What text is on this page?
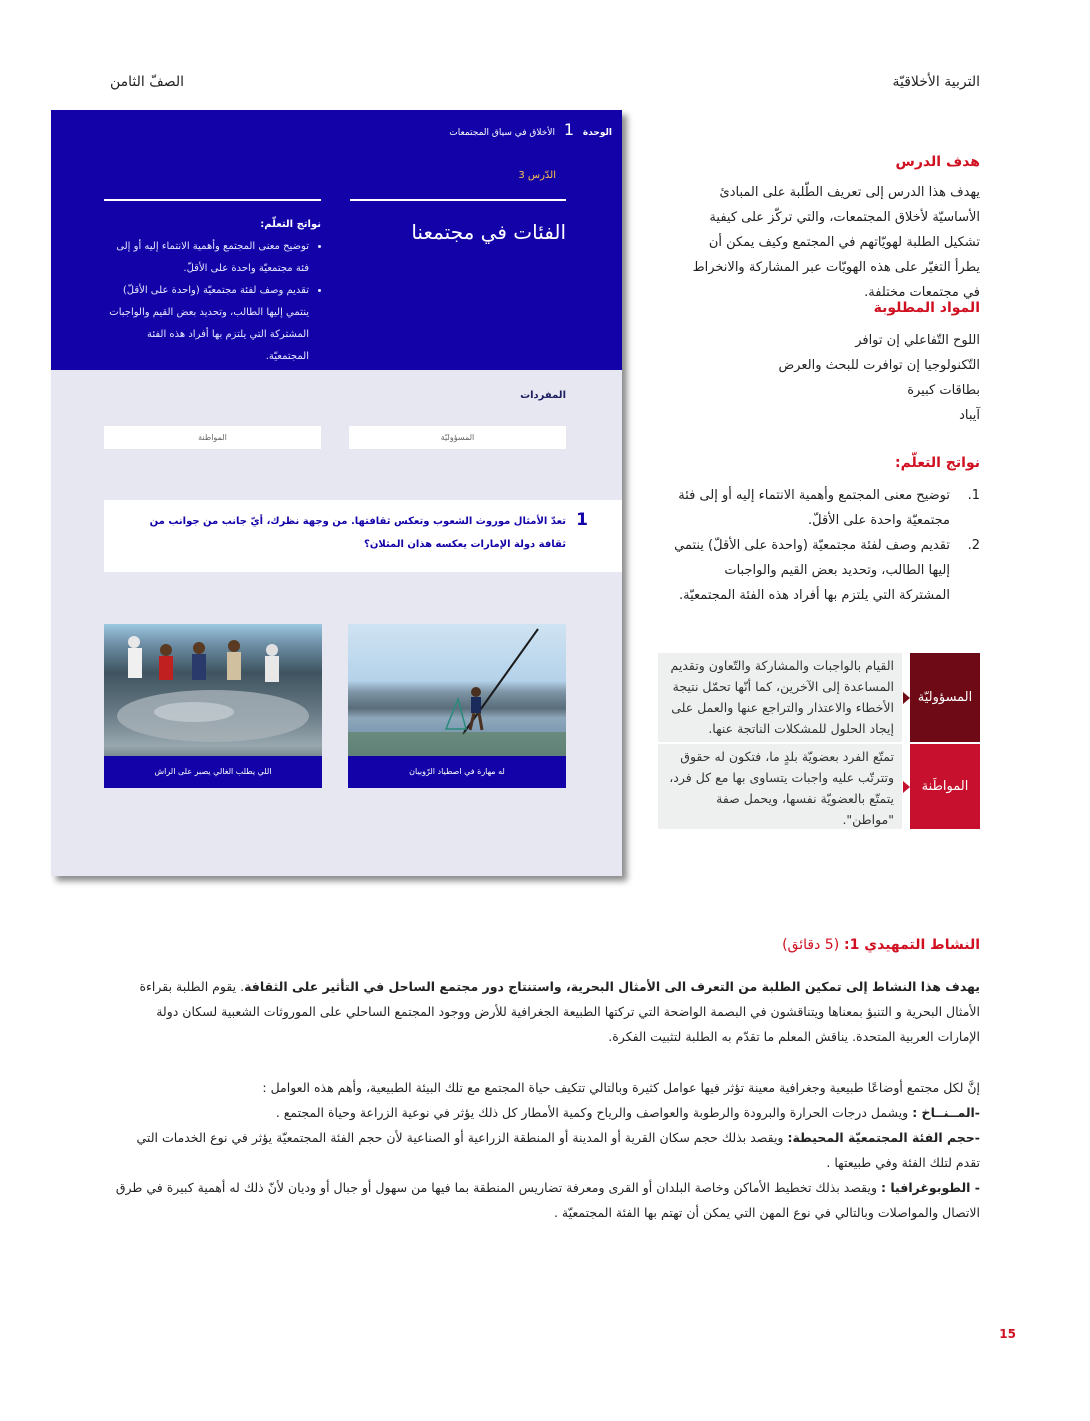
التربية الأخلاقيّة
الصفّ الثامن
الوحدة 1 الأخلاق في سياق المجتمعات
الدّرس 3
الفئات في مجتمعنا
نواتج التعلّم:
• توضيح معنى المجتمع وأهمية الانتماء إليه أو إلى فئة مجتمعيّة واحدة على الأقلّ.
• تقديم وصف لفئة مجتمعيّة (واحدة على الأقلّ) ينتمي إليها الطالب، وتحديد بعض القيم والواجبات المشتركة التي يلتزم بها أفراد هذه الفئة المجتمعيّة.
المفردات
المسؤوليّة
المواطنة
1
تعدّ الأمثال موروث الشعوب وتعكس ثقافتها. من وجهة نظرك، أيّ جانب من جوانب من ثقافة دولة الإمارات يعكسه هذان المثلان؟
له مهارة في اصطياد الرّوبيان
اللي يطلب الغالي يصبر على الراش
هدف الدرس
يهدف هذا الدرس إلى تعريف الطّلبة على المبادئ الأساسيّة لأخلاق المجتمعات، والتي تركّز على كيفية تشكيل الطلبة لهويّاتهم في المجتمع وكيف يمكن أن يطرأ التغيّر على هذه الهويّات عبر المشاركة والانخراط في مجتمعات مختلفة.
المواد المطلوبة
اللوح التّفاعلي إن توافر
التّكنولوجيا إن توافرت للبحث والعرض
بطاقات كبيرة
آيباد
نواتج التعلّم:
1.
توضيح معنى المجتمع وأهمية الانتماء إليه أو إلى فئة مجتمعيّة واحدة على الأقلّ.
2.
تقديم وصف لفئة مجتمعيّة (واحدة على الأقلّ) ينتمي إليها الطالب، وتحديد بعض القيم والواجبات المشتركة التي يلتزم بها أفراد هذه الفئة المجتمعيّة.
المسؤوليّة
القيام بالواجبات والمشاركة والتّعاون وتقديم المساعدة إلى الآخرين، كما أنّها تحمّل نتيجة الأخطاء والاعتذار والتراجع عنها والعمل على إيجاد الحلول للمشكلات الناتجة عنها.
المواطَنة
تمتّع الفرد بعضويّة بلدٍ ما، فتكون له حقوق وتترتّب عليه واجبات يتساوى بها مع كل فرد، يتمتّع بالعضويّة نفسها، ويحمل صفة "مواطن".
النشاط التمهيدي 1: (5 دقائق)
يهدف هذا النشاط إلى تمكين الطلبة من التعرف الى الأمثال البحرية، واستنتاج دور مجتمع الساحل في التأثير على الثقافة. يقوم الطلبة بقراءة الأمثال البحرية و التنبؤ بمعناها ويتناقشون في البصمة الواضحة التي تركتها الطبيعة الجغرافية للأرض ووجود المجتمع الساحلي على الموروثات الشعبية لسكان دولة الإمارات العربية المتحدة. يناقش المعلم ما تقدّم به الطلبة لتثبيت الفكرة.
إنَّ لكل مجتمع أوضاعًا طبيعية وجغرافية معينة تؤثر فيها عوامل كثيرة وبالتالي تتكيف حياة المجتمع مع تلك البيئة الطبيعية، وأهم هذه العوامل :
-المــنــاخ : ويشمل درجات الحرارة والبرودة والرطوبة والعواصف والرياح وكمية الأمطار كل ذلك يؤثر في نوعية الزراعة وحياة المجتمع .
-حجم الفئة المجتمعيّة المحيطة: ويقصد بذلك حجم سكان القرية أو المدينة أو المنطقة الزراعية أو الصناعية لأن حجم الفئة المجتمعيّة يؤثر في نوع الخدمات التي تقدم لتلك الفئة وفي طبيعتها .
- الطوبوغرافيا : ويقصد بذلك تخطيط الأماكن وخاصة البلدان أو القرى ومعرفة تضاريس المنطقة بما فيها من سهول أو جبال أو وديان لأنّ ذلك له أهمية كبيرة في طرق الاتصال والمواصلات وبالتالي في نوع المهن التي يمكن أن تهتم بها الفئة المجتمعيّة .
15
